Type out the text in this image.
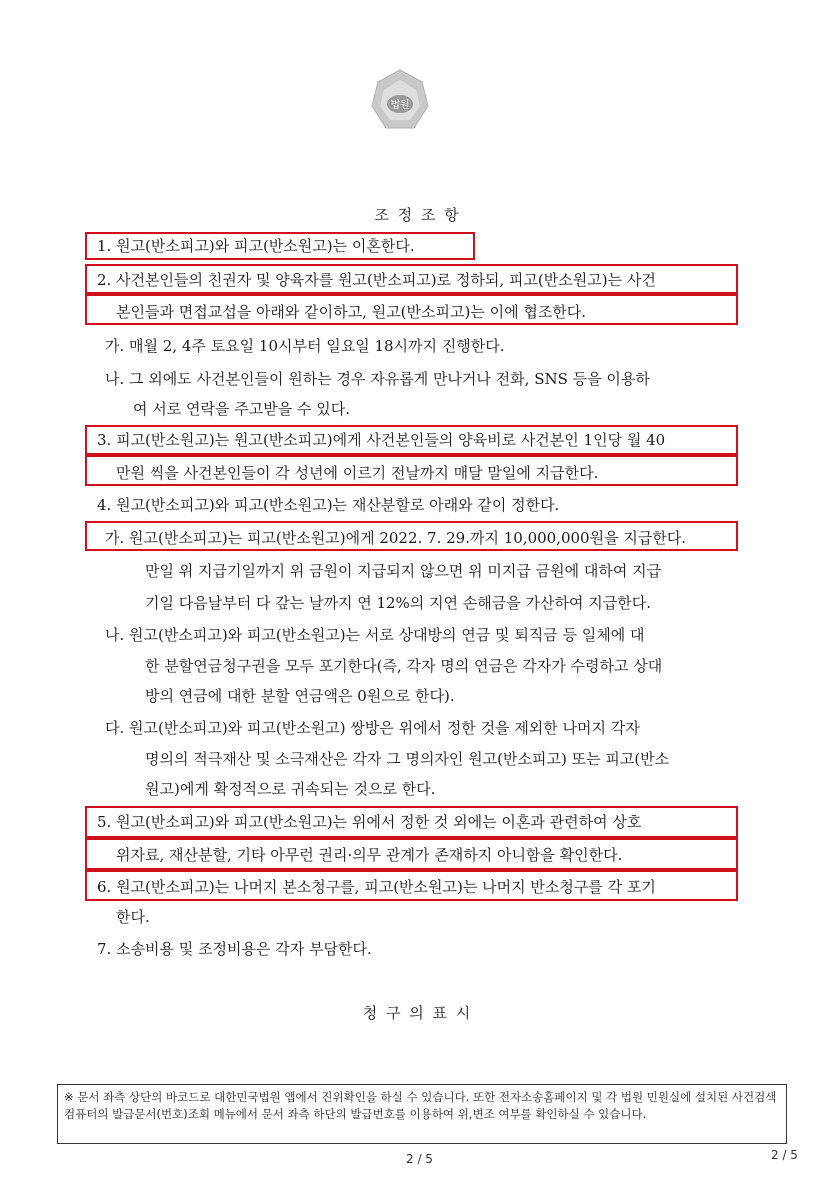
법원
조 정 조 항
1. 원고(반소피고)와 피고(반소원고)는 이혼한다.
2. 사건본인들의 친권자 및 양육자를 원고(반소피고)로 정하되, 피고(반소원고)는 사건
본인들과 면접교섭을 아래와 같이하고, 원고(반소피고)는 이에 협조한다.
가. 매월 2, 4주 토요일 10시부터 일요일 18시까지 진행한다.
나. 그 외에도 사건본인들이 원하는 경우 자유롭게 만나거나 전화, SNS 등을 이용하
여 서로 연락을 주고받을 수 있다.
3. 피고(반소원고)는 원고(반소피고)에게 사건본인들의 양육비로 사건본인 1인당 월 40
만원 씩을 사건본인들이 각 성년에 이르기 전날까지 매달 말일에 지급한다.
4. 원고(반소피고)와 피고(반소원고)는 재산분할로 아래와 같이 정한다.
가. 원고(반소피고)는 피고(반소원고)에게 2022. 7. 29.까지 10,000,000원을 지급한다.
만일 위 지급기일까지 위 금원이 지급되지 않으면 위 미지급 금원에 대하여 지급
기일 다음날부터 다 갚는 날까지 연 12%의 지연 손해금을 가산하여 지급한다.
나. 원고(반소피고)와 피고(반소원고)는 서로 상대방의 연금 및 퇴직금 등 일체에 대
한 분할연금청구권을 모두 포기한다(즉, 각자 명의 연금은 각자가 수령하고 상대
방의 연금에 대한 분할 연금액은 0원으로 한다).
다. 원고(반소피고)와 피고(반소원고) 쌍방은 위에서 정한 것을 제외한 나머지 각자
명의의 적극재산 및 소극재산은 각자 그 명의자인 원고(반소피고) 또는 피고(반소
원고)에게 확정적으로 귀속되는 것으로 한다.
5. 원고(반소피고)와 피고(반소원고)는 위에서 정한 것 외에는 이혼과 관련하여 상호
위자료, 재산분할, 기타 아무런 권리·의무 관계가 존재하지 아니함을 확인한다.
6. 원고(반소피고)는 나머지 본소청구를, 피고(반소원고)는 나머지 반소청구를 각 포기
한다.
7. 소송비용 및 조정비용은 각자 부담한다.
청 구 의 표 시
※ 문서 좌측 상단의 바코드로 대한민국법원 앱에서 진위확인을 하실 수 있습니다. 또한 전자소송홈페이지 및 각 법원 민원실에 설치된 사건검색 컴퓨터의 발급문서(번호)조회 메뉴에서 문서 좌측 하단의 발급번호를 이용하여 위,변조 여부를 확인하실 수 있습니다.
2 / 5	2 / 5
